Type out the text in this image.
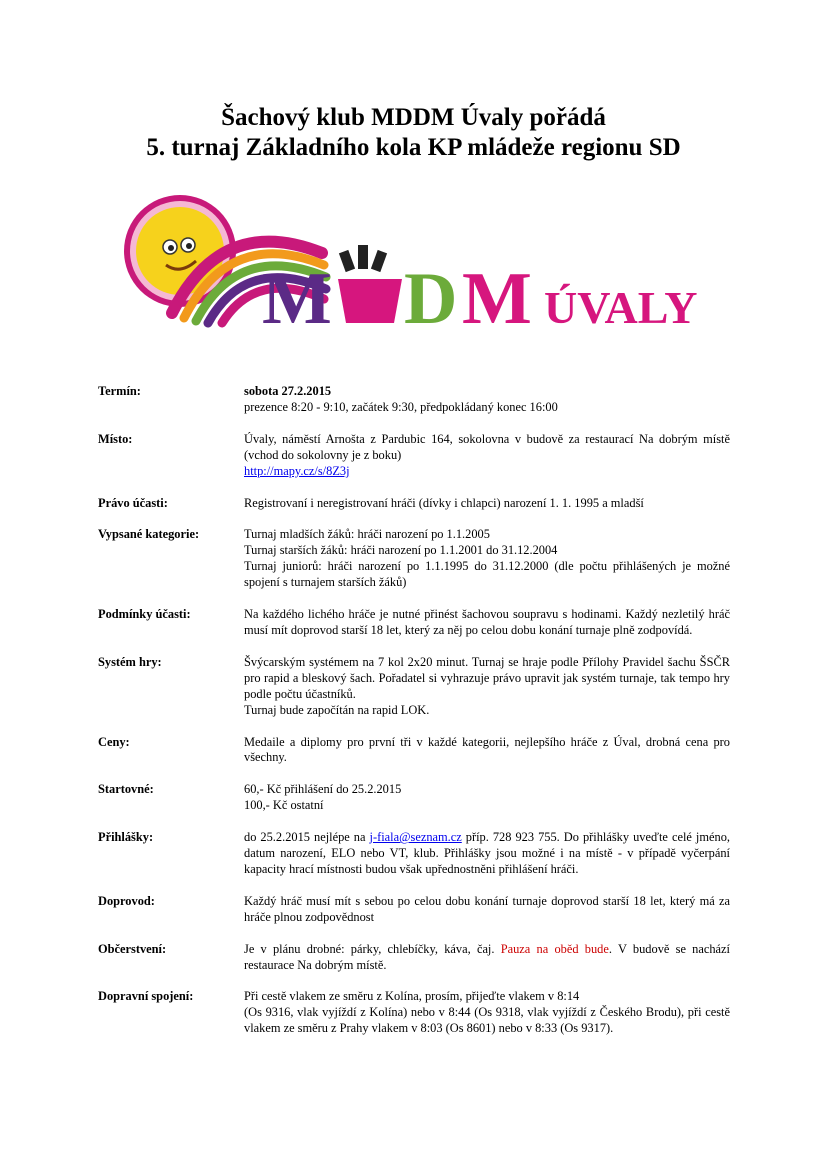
Šachový klub MDDM Úvaly pořádá
5. turnaj Základního kola KP mládeže regionu SD
M D M ÚVALY
Termín:	sobota 27.2.2015
prezence 8:20 - 9:10, začátek 9:30, předpokládaný konec 16:00
Místo:	Úvaly, náměstí Arnošta z Pardubic 164, sokolovna v budově za restaurací Na dobrým místě (vchod do sokolovny je z boku)
http://mapy.cz/s/8Z3j
Právo účasti:	Registrovaní i neregistrovaní hráči (dívky i chlapci) narození 1. 1. 1995 a mladší
Vypsané kategorie:	Turnaj mladších žáků: hráči narození po 1.1.2005
Turnaj starších žáků: hráči narození po 1.1.2001 do 31.12.2004
Turnaj juniorů: hráči narození po 1.1.1995 do 31.12.2000 (dle počtu přihlášených je možné spojení s turnajem starších žáků)
Podmínky účasti:	Na každého lichého hráče je nutné přinést šachovou soupravu s hodinami. Každý nezletilý hráč musí mít doprovod starší 18 let, který za něj po celou dobu konání turnaje plně zodpovídá.
Systém hry:	Švýcarským systémem na 7 kol 2x20 minut. Turnaj se hraje podle Přílohy Pravidel šachu ŠSČR pro rapid a bleskový šach. Pořadatel si vyhrazuje právo upravit jak systém turnaje, tak tempo hry podle počtu účastníků.
Turnaj bude započítán na rapid LOK.
Ceny:	Medaile a diplomy pro první tři v každé kategorii, nejlepšího hráče z Úval, drobná cena pro všechny.
Startovné:	60,- Kč přihlášení do 25.2.2015
100,- Kč ostatní
Přihlášky:	do 25.2.2015 nejlépe na j-fiala@seznam.cz příp. 728 923 755. Do přihlášky uveďte celé jméno, datum narození, ELO nebo VT, klub. Přihlášky jsou možné i na místě - v případě vyčerpání kapacity hrací místnosti budou však upřednostněni přihlášení hráči.
Doprovod:	Každý hráč musí mít s sebou po celou dobu konání turnaje doprovod starší 18 let, který má za hráče plnou zodpovědnost
Občerstvení:	Je v plánu drobné: párky, chlebíčky, káva, čaj. Pauza na oběd bude. V budově se nachází restaurace Na dobrým místě.
Dopravní spojení:	Při cestě vlakem ze směru z Kolína, prosím, přijeďte vlakem v 8:14
(Os 9316, vlak vyjíždí z Kolína) nebo v 8:44 (Os 9318, vlak vyjíždí z Českého Brodu), při cestě vlakem ze směru z Prahy vlakem v 8:03 (Os 8601) nebo v 8:33 (Os 9317).
